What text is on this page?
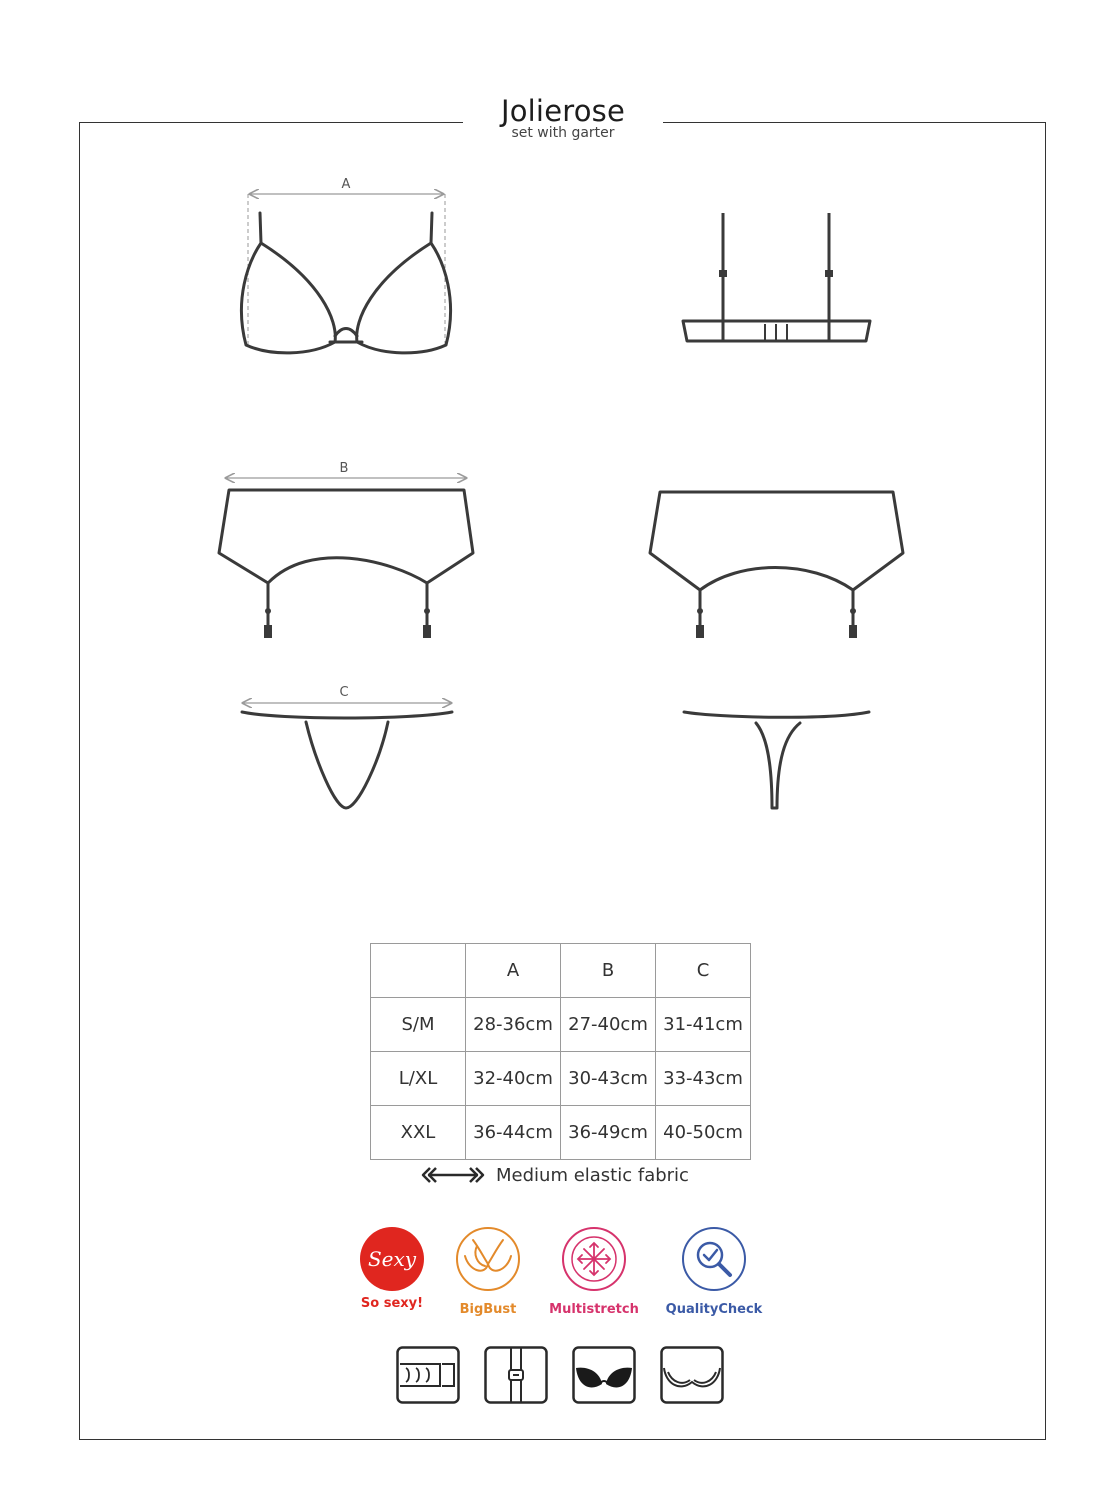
Jolierose
set with garter
A
B
C
	A	B	C
S/M	28-36cm	27-40cm	31-41cm
L/XL	32-40cm	30-43cm	33-43cm
XXL	36-44cm	36-49cm	40-50cm
Medium elastic fabric
Sexy
So sexy!	BigBust	Multistretch	QualityCheck
